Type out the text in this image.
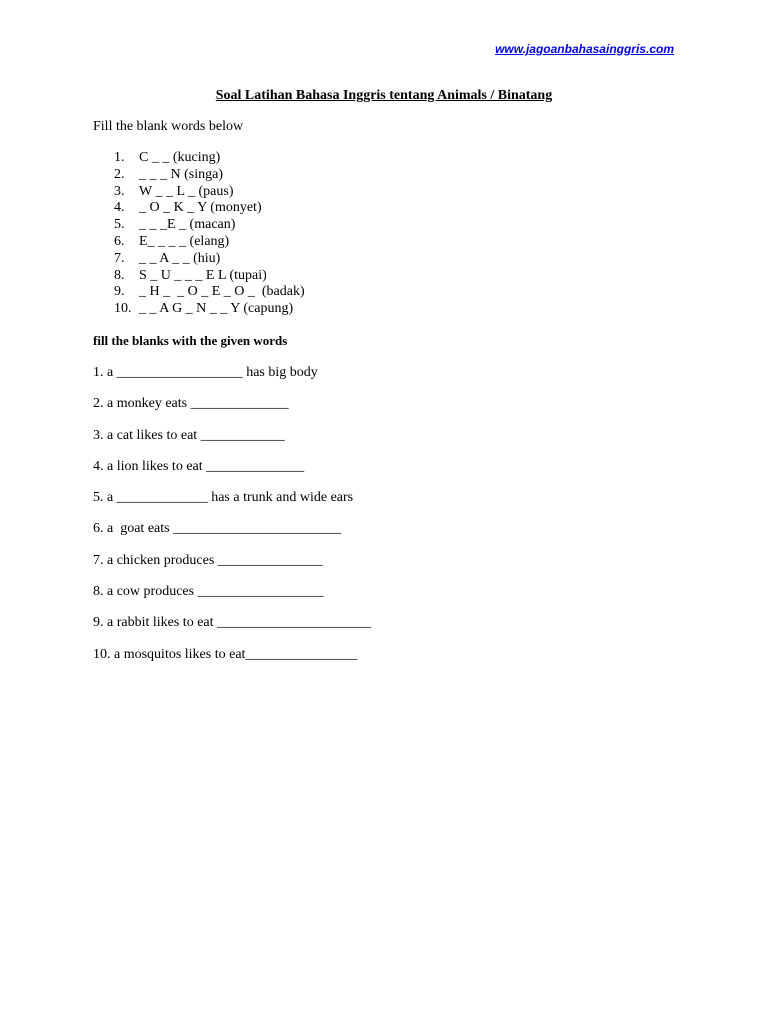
www.jagoanbahasainggris.com
Soal Latihan Bahasa Inggris tentang Animals / Binatang
Fill the blank words below
1. C _ _ (kucing)
2. _ _ _ N (singa)
3. W _ _ L _ (paus)
4. _ O _ K _ Y (monyet)
5. _ _ _E _ (macan)
6. E_ _ _ _ (elang)
7. _ _ A _ _ (hiu)
8. S _ U _ _ _ E L (tupai)
9. _ H _  _ O _ E _ O _  (badak)
10. _ _ A G _ N _ _ Y (capung)
fill the blanks with the given words
1. a __________________ has big body
2. a monkey eats ______________
3. a cat likes to eat ____________
4. a lion likes to eat ______________
5. a _____________ has a trunk and wide ears
6. a  goat eats ________________________
7. a chicken produces _______________
8. a cow produces __________________
9. a rabbit likes to eat ______________________
10. a mosquitos likes to eat________________
